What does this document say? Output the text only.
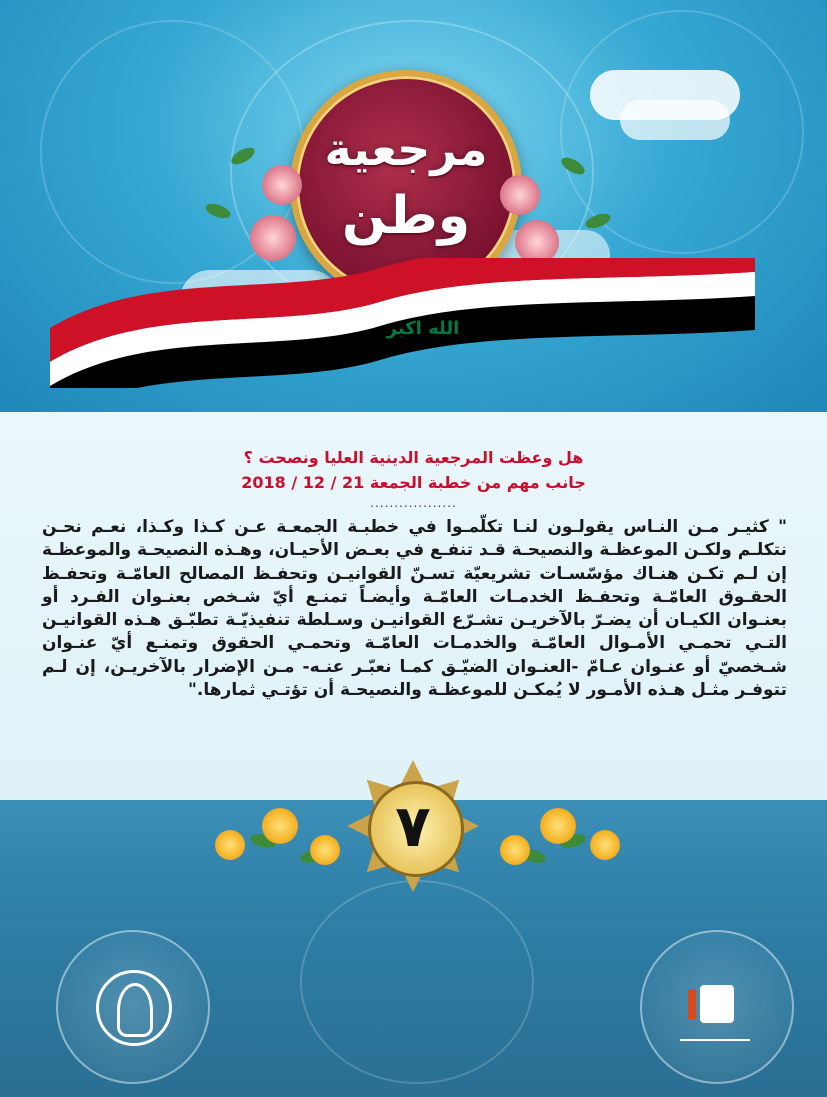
مرجعية
وطن
الله اكبر
هل وعظت المرجعية الدينية العليا ونصحت ؟
جانب مهم من خطبة الجمعة 21 / 12 / 2018
..................
" كثيـر مـن النـاس يقولـون لنـا تكلّمـوا في خطبـة الجمعـة عـن كـذا وكـذا، نعـم نحـن نتكلـم ولكـن الموعظـة والنصيحـة قـد تنفـع في بعـض الأحيـان، وهـذه النصيحـة والموعظـة إن لـم تكـن هنـاك مؤسّسـات تشريعيّة تسـنّ القوانيـن وتحفـظ المصالح العامّـة وتحفـظ الحقـوق العامّـة وتحفـظ الخدمـات العامّـة وأيضـاً تمنـع أيّ شـخص بعنـوان الفـرد أو بعنـوان الكيـان أن يضـرّ بالآخريـن تشـرّع القوانيـن وسـلطة تنفيذيّـة تطبّـق هـذه القوانيـن التـي تحمـي الأمـوال العامّـة والخدمـات العامّـة وتحمـي الحقوق وتمنـع أيّ عنـوان شـخصيّ أو عنـوان عـامّ -العنـوان الضيّـق كمـا نعبّـر عنـه- مـن الإضرار بالآخريـن، إن لـم تتوفـر مثـل هـذه الأمـور لا يُمكـن للموعظـة والنصيحـة أن تؤتـي ثمارها."
٧
